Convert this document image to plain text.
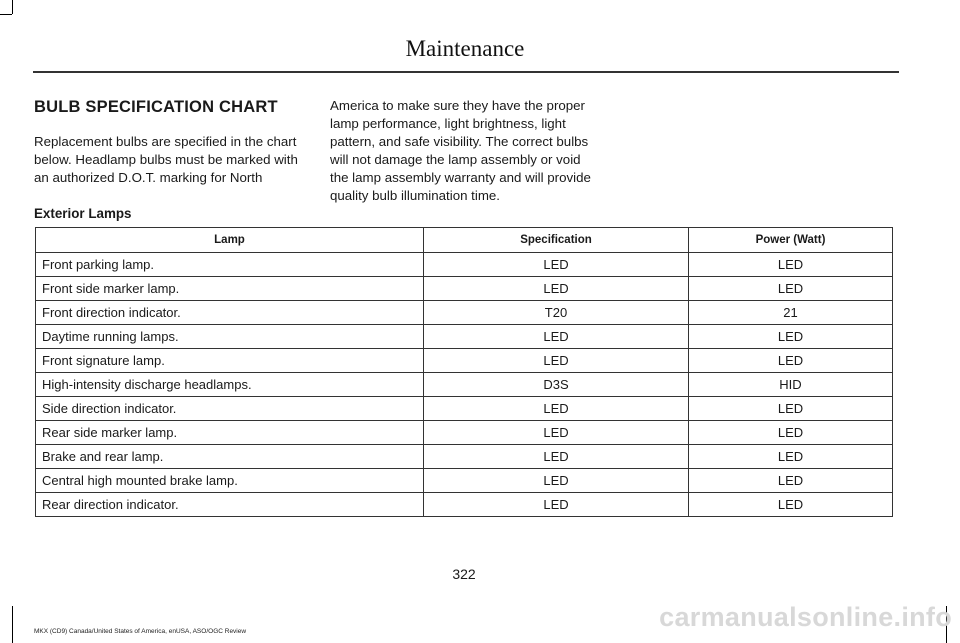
Maintenance
BULB SPECIFICATION CHART

Replacement bulbs are specified in the chart below. Headlamp bulbs must be marked with an authorized D.O.T. marking for North

America to make sure they have the proper lamp performance, light brightness, light pattern, and safe visibility. The correct bulbs will not damage the lamp assembly or void the lamp assembly warranty and will provide quality bulb illumination time.

Exterior Lamps
Lamp	Specification	Power (Watt)
Front parking lamp.	LED	LED
Front side marker lamp.	LED	LED
Front direction indicator.	T20	21
Daytime running lamps.	LED	LED
Front signature lamp.	LED	LED
High-intensity discharge headlamps.	D3S	HID
Side direction indicator.	LED	LED
Rear side marker lamp.	LED	LED
Brake and rear lamp.	LED	LED
Central high mounted brake lamp.	LED	LED
Rear direction indicator.	LED	LED
322
MKX (CD9) Canada/United States of America, enUSA, ASO/OGC Review	carmanualsonline.info
